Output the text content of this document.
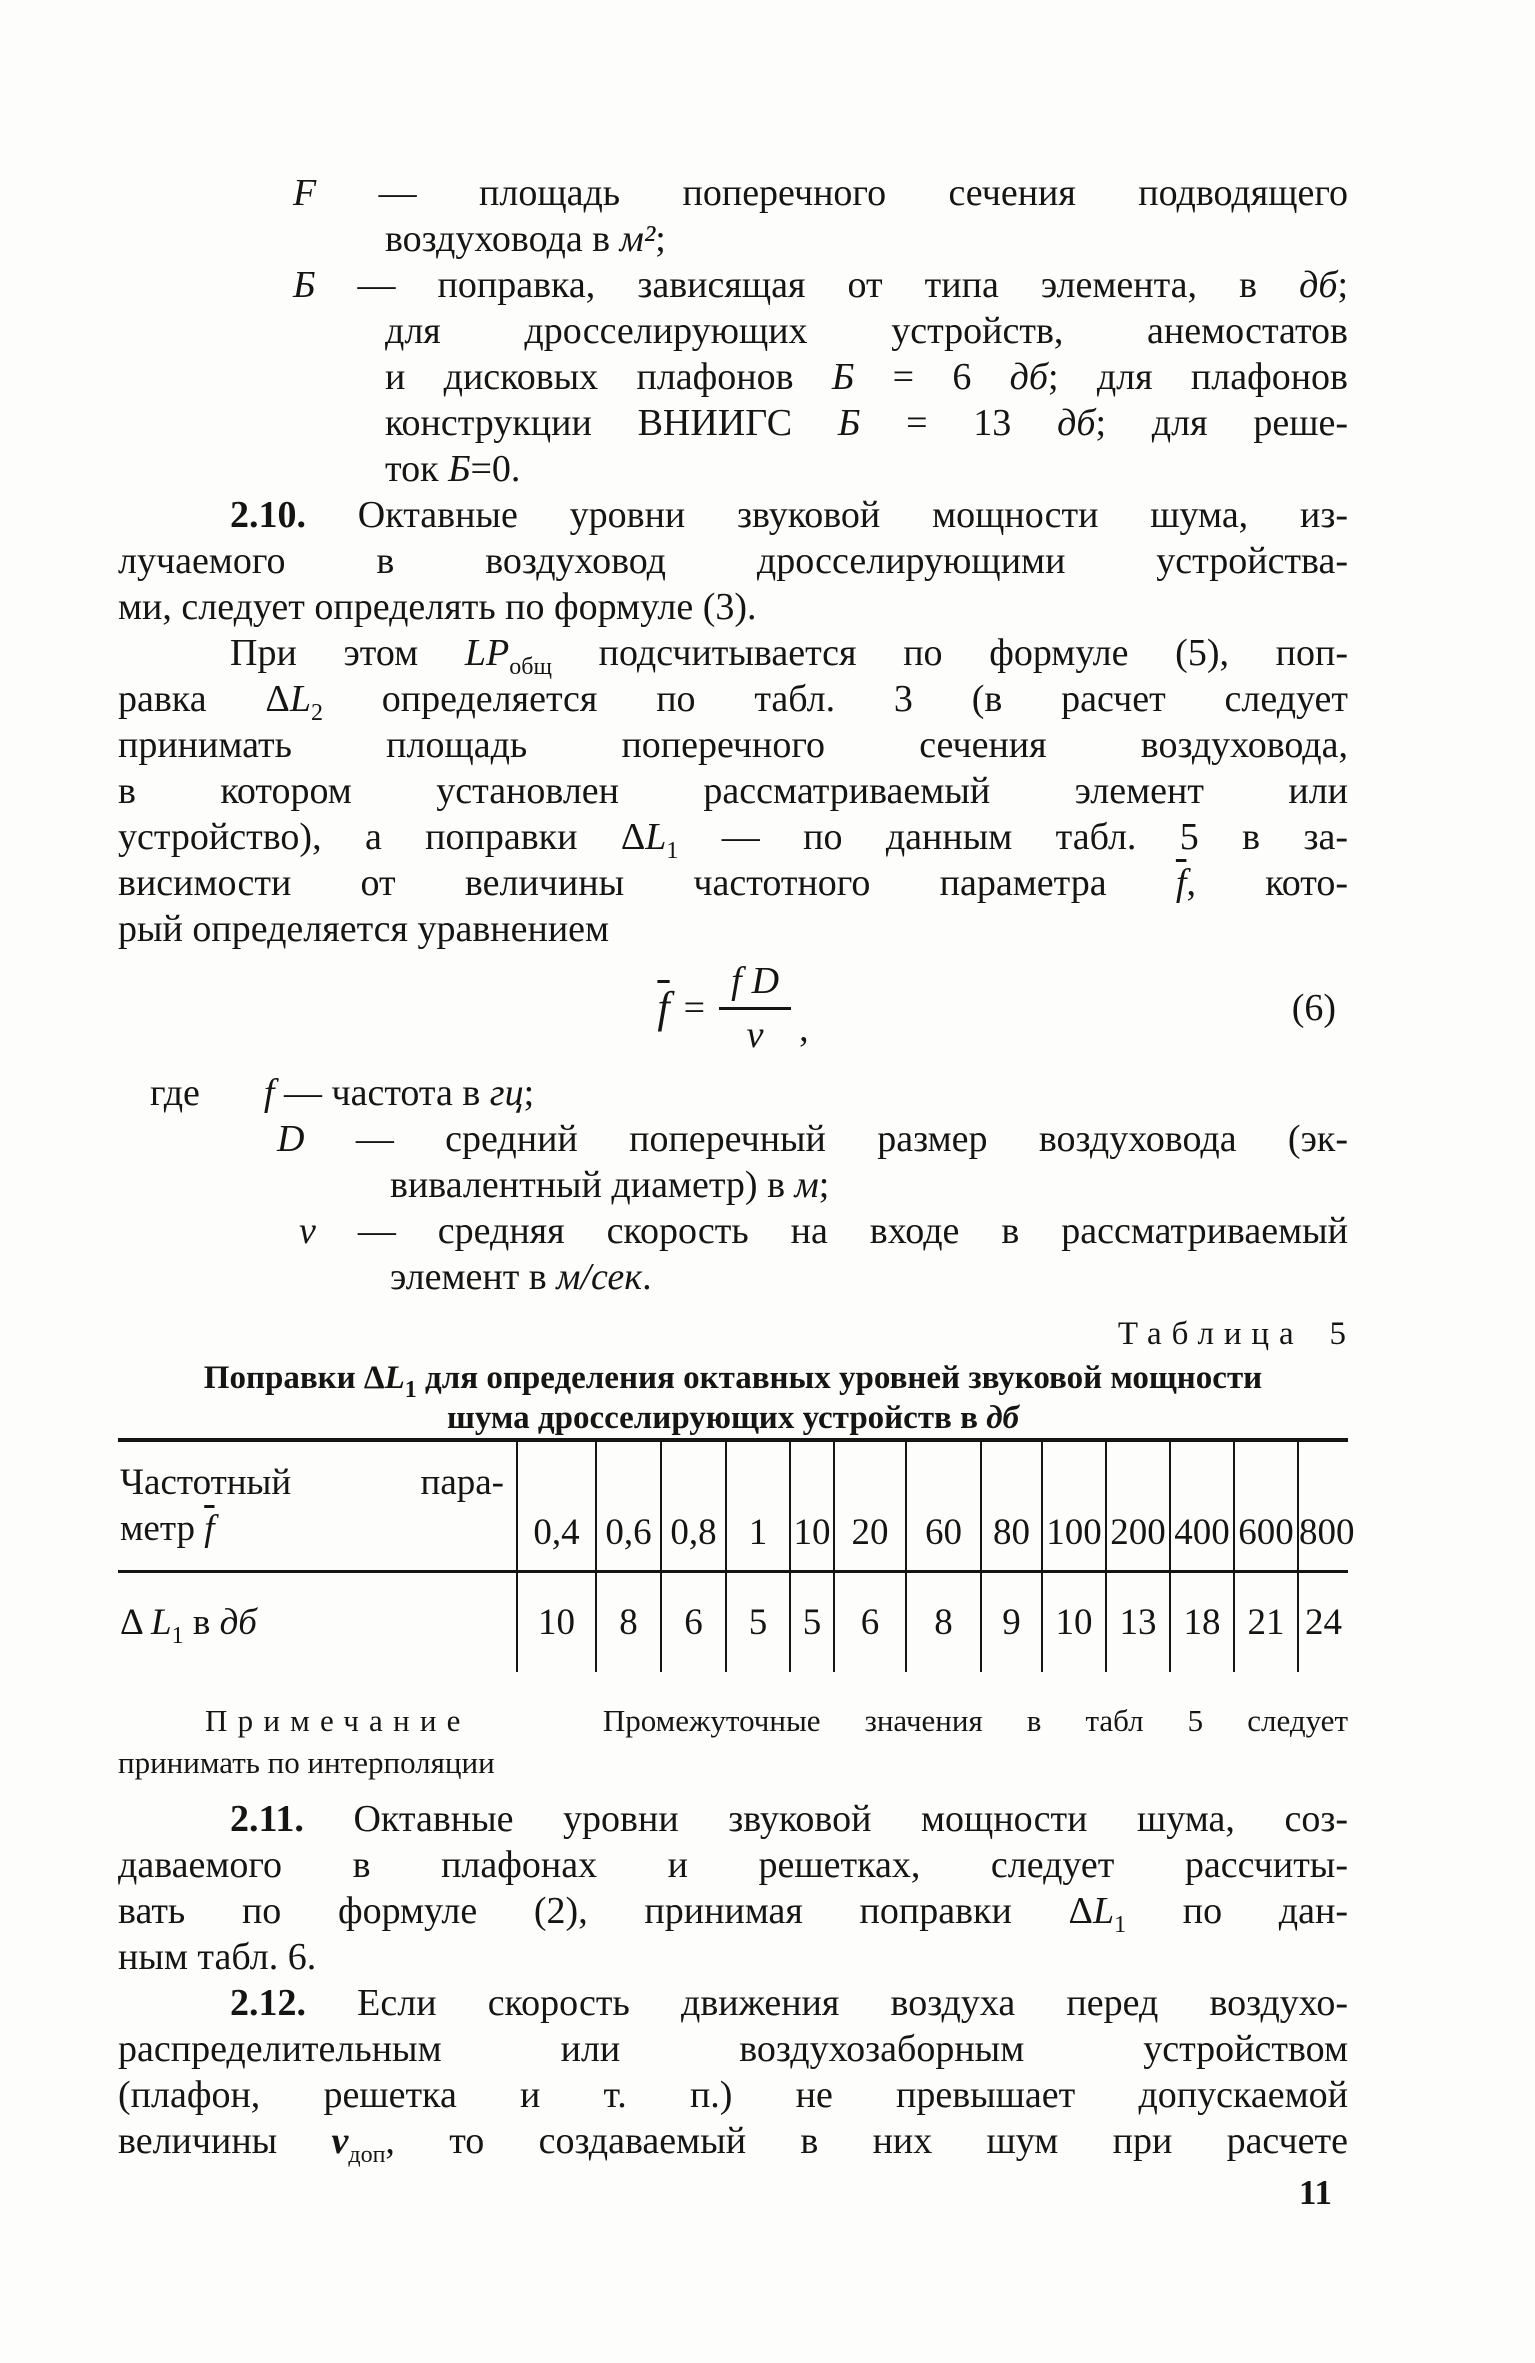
F — площадь поперечного сечения подводящего
воздуховода в м²;
Б — поправка, зависящая от типа элемента, в дб;
для дросселирующих устройств, анемостатов
и дисковых плафонов Б = 6 дб; для плафонов
конструкции ВНИИГС Б = 13 дб; для реше-
ток Б=0.
2.10. Октавные уровни звуковой мощности шума, из-
лучаемого в воздуховод дросселирующими устройства-
ми, следует определять по формуле (3).
При этом $LP_{общ}$ подсчитывается по формуле (5), поп-
равка $\Delta L_2$ определяется по табл. 3 (в расчет следует
принимать площадь поперечного сечения воздуховода,
в котором установлен рассматриваемый элемент или
устройство), а поправки $\Delta L_1$ — по данным табл. 5 в за-
висимости от величины частотного параметра $\overline{f}$, кото-
рый определяется уравнением
$\overline{f} = \frac{\text{f D}}{v}$ ,	(6)
где f — частота в гц;
D — средний поперечный размер воздуховода (эк-
вивалентный диаметр) в м;
v — средняя скорость на входе в рассматриваемый
элемент в м/сек.
Таблица 5
Поправки $\Delta L_1$ для определения октавных уровней звуковой мощности
шума дросселирующих устройств в дб
Частотный пара-
метр $\overline{f}$	0,4	0,6	0,8	1	10	20	60	80	100	200	400	600	800
Δ $L_1$ в дб	10	8	6	5	5	6	8	9	10	13	18	21	24
Примечание   Промежуточные значения в табл 5 следует
принимать по интерполяции
2.11. Октавные уровни звуковой мощности шума, соз-
даваемого в плафонах и решетках, следует рассчиты-
вать по формуле (2), принимая поправки $\Delta L_1$ по дан-
ным табл. 6.
2.12. Если скорость движения воздуха перед воздухо-
распределительным или воздухозаборным устройством
(плафон, решетка и т. п.) не превышает допускаемой
величины $v_{доп}$, то создаваемый в них шум при расчете
11
